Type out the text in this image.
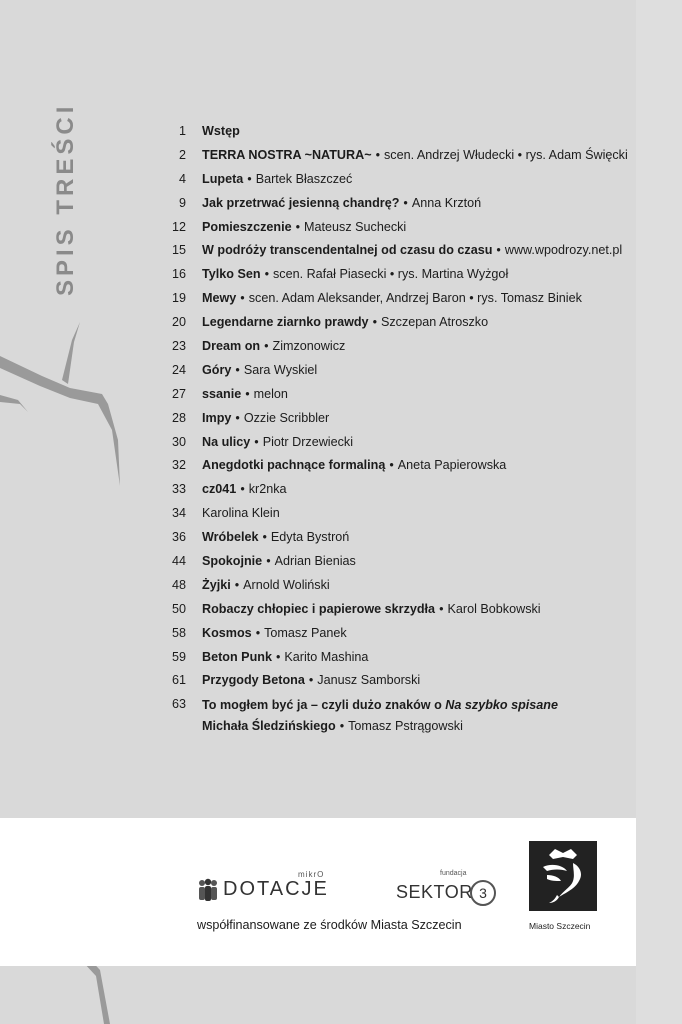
SPIS TREŚCI	1 Wstęp
2 TERRA NOSTRA ~NATURA~ • scen. Andrzej Włudecki • rys. Adam Święcki
4 Lupeta • Bartek Błaszczeć
9 Jak przetrwać jesienną chandrę? • Anna Krztoń
12 Pomieszczenie • Mateusz Suchecki
15 W podróży transcendentalnej od czasu do czasu • www.wpodrozy.net.pl
16 Tylko Sen • scen. Rafał Piasecki • rys. Martina Wyżgoł
19 Mewy • scen. Adam Aleksander, Andrzej Baron • rys. Tomasz Biniek
20 Legendarne ziarnko prawdy • Szczepan Atroszko
23 Dream on • Zimzonowicz
24 Góry • Sara Wyskiel
27 ssanie • melon
28 Impy • Ozzie Scribbler
30 Na ulicy • Piotr Drzewiecki
32 Anegdotki pachnące formaliną • Aneta Papierowska
33 cz041 • kr2nka
34 Karolina Klein
36 Wróbelek • Edyta Bystroń
44 Spokojnie • Adrian Bienias
48 Żyjki • Arnold Woliński
50 Robaczy chłopiec i papierowe skrzydła • Karol Bobkowski
58 Kosmos • Tomasz Panek
59 Beton Punk • Karito Mashina
61 Przygody Betona • Janusz Samborski
63 To mogłem być ja – czyli dużo znaków o Na szybko spisane
Michała Śledzińskiego • Tomasz Pstrągowski
mikrO
DOTACJE
fundacja
SEKTOR 3
współfinansowane ze środków Miasta Szczecin	Miasto Szczecin
